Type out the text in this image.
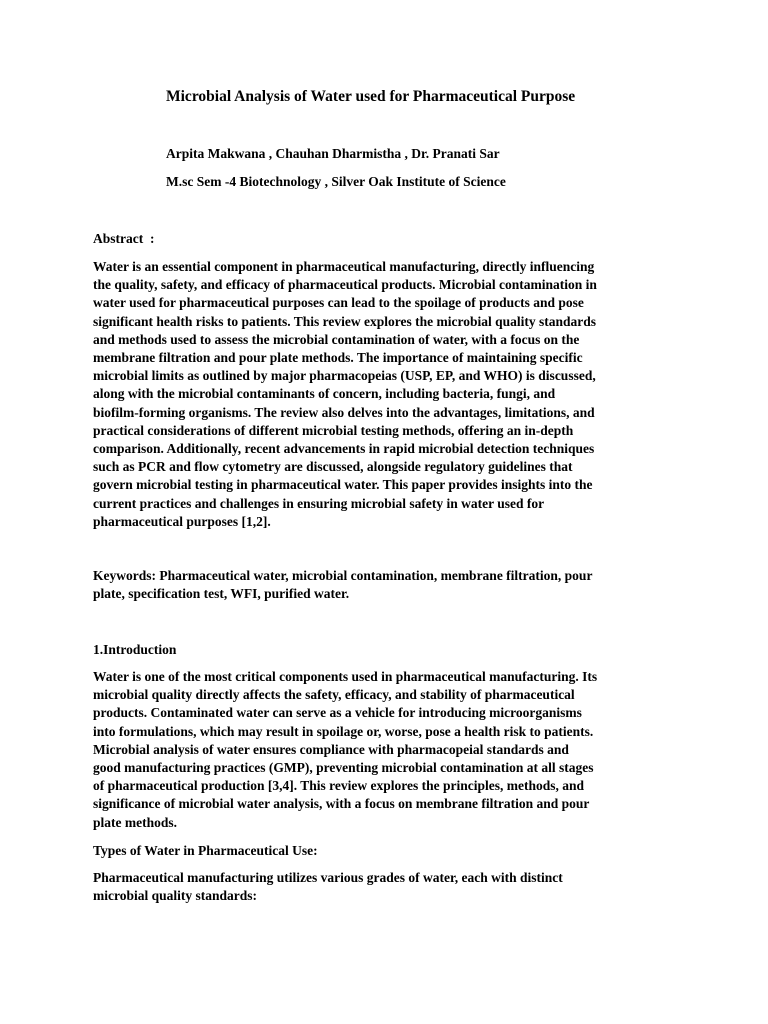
Microbial Analysis of Water used for Pharmaceutical Purpose
Arpita Makwana , Chauhan Dharmistha , Dr. Pranati Sar
M.sc Sem -4 Biotechnology , Silver Oak Institute of Science
Abstract  :
Water is an essential component in pharmaceutical manufacturing, directly influencing
the quality, safety, and efficacy of pharmaceutical products. Microbial contamination in
water used for pharmaceutical purposes can lead to the spoilage of products and pose
significant health risks to patients. This review explores the microbial quality standards
and methods used to assess the microbial contamination of water, with a focus on the
membrane filtration and pour plate methods. The importance of maintaining specific
microbial limits as outlined by major pharmacopeias (USP, EP, and WHO) is discussed,
along with the microbial contaminants of concern, including bacteria, fungi, and
biofilm-forming organisms. The review also delves into the advantages, limitations, and
practical considerations of different microbial testing methods, offering an in-depth
comparison. Additionally, recent advancements in rapid microbial detection techniques
such as PCR and flow cytometry are discussed, alongside regulatory guidelines that
govern microbial testing in pharmaceutical water. This paper provides insights into the
current practices and challenges in ensuring microbial safety in water used for
pharmaceutical purposes [1,2].
Keywords: Pharmaceutical water, microbial contamination, membrane filtration, pour
plate, specification test, WFI, purified water.
1.Introduction
Water is one of the most critical components used in pharmaceutical manufacturing. Its
microbial quality directly affects the safety, efficacy, and stability of pharmaceutical
products. Contaminated water can serve as a vehicle for introducing microorganisms
into formulations, which may result in spoilage or, worse, pose a health risk to patients.
Microbial analysis of water ensures compliance with pharmacopeial standards and
good manufacturing practices (GMP), preventing microbial contamination at all stages
of pharmaceutical production [3,4]. This review explores the principles, methods, and
significance of microbial water analysis, with a focus on membrane filtration and pour
plate methods.
Types of Water in Pharmaceutical Use:
Pharmaceutical manufacturing utilizes various grades of water, each with distinct
microbial quality standards:
